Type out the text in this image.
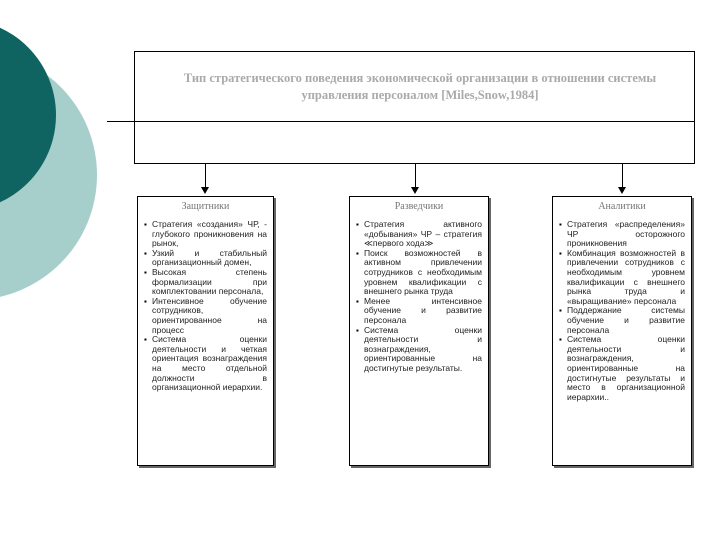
Тип стратегического поведения экономической организации в отношении системы
управления персоналом [Miles,Snow,1984]
Защитники
▪ Стратегия «создания» ЧР, - глубокого проникновения на рынок,
▪ Узкий и стабильный организационный домен,
▪ Высокая степень формализации при комплектовании персонала,
▪ Интенсивное обучение сотрудников, ориентированное на процесс
▪ Система оценки деятельности и четкая ориентация вознаграждения на место отдельной должности в организационной иерархии.
Разведчики
▪ Стратегия активного «добывания» ЧР – стратегия ≪первого хода≫
▪ Поиск возможностей в активном привлечении сотрудников с необходимым уровнем квалификации с внешнего рынка труда
▪ Менее интенсивное обучение и развитие персонала
▪ Система оценки деятельности и вознаграждения, ориентированные на достигнутые результаты.
Аналитики
▪ Стратегия «распределения» ЧР осторожного проникновения
▪ Комбинация возможностей в привлечении сотрудников с необходимым уровнем квалификации с внешнего рынка труда и «выращивание» персонала
▪ Поддержание системы обучение и развитие персонала
▪ Система оценки деятельности и вознаграждения, ориентированные на достигнутые результаты и место в организационной иерархии..
